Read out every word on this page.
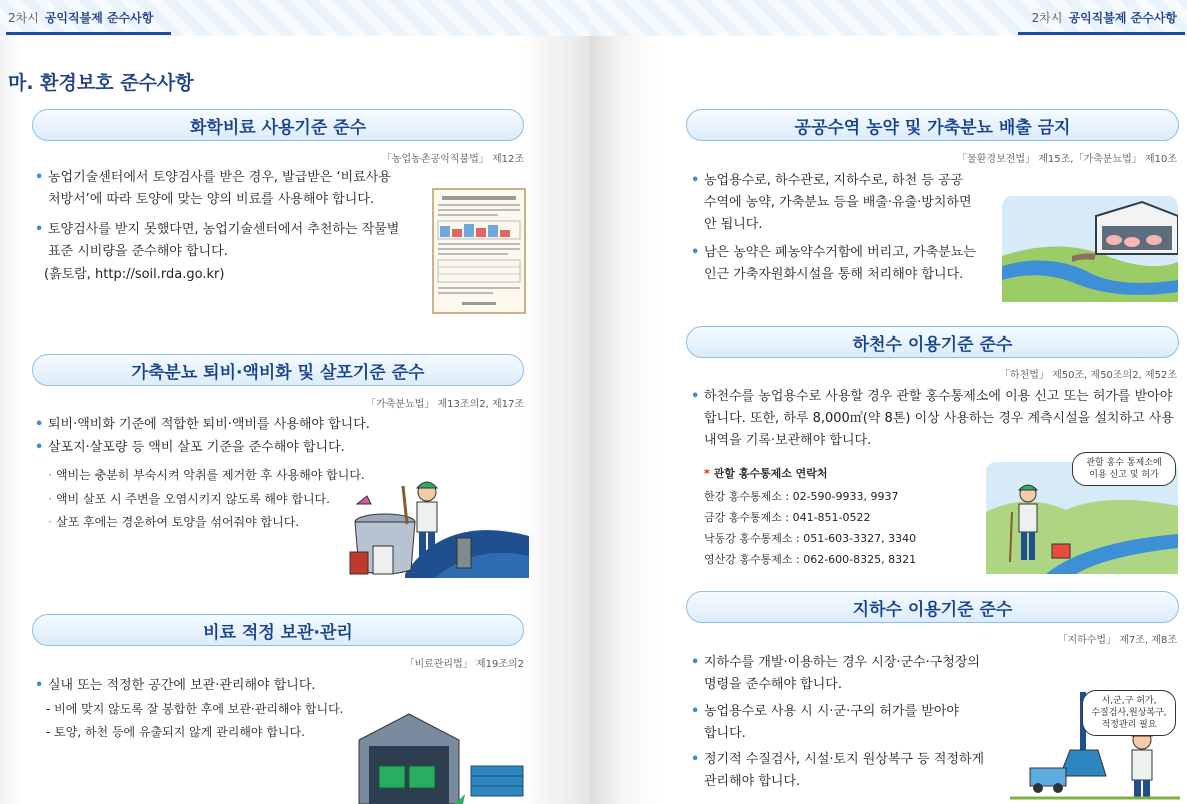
2차시 공익직불제 준수사항
마. 환경보호 준수사항
화학비료 사용기준 준수
「농업농촌공익직불법」 제12조
• 농업기술센터에서 토양검사를 받은 경우, 발급받은 ‘비료사용
처방서’에 따라 토양에 맞는 양의 비료를 사용해야 합니다.
• 토양검사를 받지 못했다면, 농업기술센터에서 추천하는 작물별
표준 시비량을 준수해야 합니다.
(흙토람, http://soil.rda.go.kr)
가축분뇨 퇴비·액비화 및 살포기준 준수
「가축분뇨법」 제13조의2, 제17조
• 퇴비·액비화 기준에 적합한 퇴비·액비를 사용해야 합니다.
• 살포지·살포량 등 액비 살포 기준을 준수해야 합니다.
· 액비는 충분히 부숙시켜 악취를 제거한 후 사용해야 합니다.
· 액비 살포 시 주변을 오염시키지 않도록 해야 합니다.
· 살포 후에는 경운하여 토양을 섞어줘야 합니다.
비료 적정 보관·관리
「비료관리법」 제19조의2
• 실내 또는 적정한 공간에 보관·관리해야 합니다.
- 비에 맞지 않도록 잘 봉합한 후에 보관·관리해야 합니다.
- 토양, 하천 등에 유출되지 않게 관리해야 합니다.
2차시 공익직불제 준수사항
공공수역 농약 및 가축분뇨 배출 금지
「물환경보전법」 제15조,「가축분뇨법」 제10조
• 농업용수로, 하수관로, 지하수로, 하천 등 공공
수역에 농약, 가축분뇨 등을 배출·유출·방치하면
안 됩니다.
• 남은 농약은 폐농약수거함에 버리고, 가축분뇨는
인근 가축자원화시설을 통해 처리해야 합니다.
하천수 이용기준 준수
「하천법」 제50조, 제50조의2, 제52조
• 하천수를 농업용수로 사용할 경우 관할 홍수통제소에 이용 신고 또는 허가를 받아야
합니다. 또한, 하루 8,000㎥(약 8톤) 이상 사용하는 경우 계측시설을 설치하고 사용
내역을 기록·보관해야 합니다.
* 관할 홍수통제소 연락처
한강 홍수통제소 : 02-590-9933, 9937
금강 홍수통제소 : 041-851-0522
낙동강 홍수통제소 : 051-603-3327, 3340
영산강 홍수통제소 : 062-600-8325, 8321
관할 홍수 통제소에
이용 신고 및 허가
지하수 이용기준 준수
「지하수법」 제7조, 제8조
• 지하수를 개발·이용하는 경우 시장·군수·구청장의
명령을 준수해야 합니다.
• 농업용수로 사용 시 시·군·구의 허가를 받아야
합니다.
• 정기적 수질검사, 시설·토지 원상복구 등 적정하게
관리해야 합니다.
시,군,구 허가,
수질검사,원상복구,
적정관리 필요
